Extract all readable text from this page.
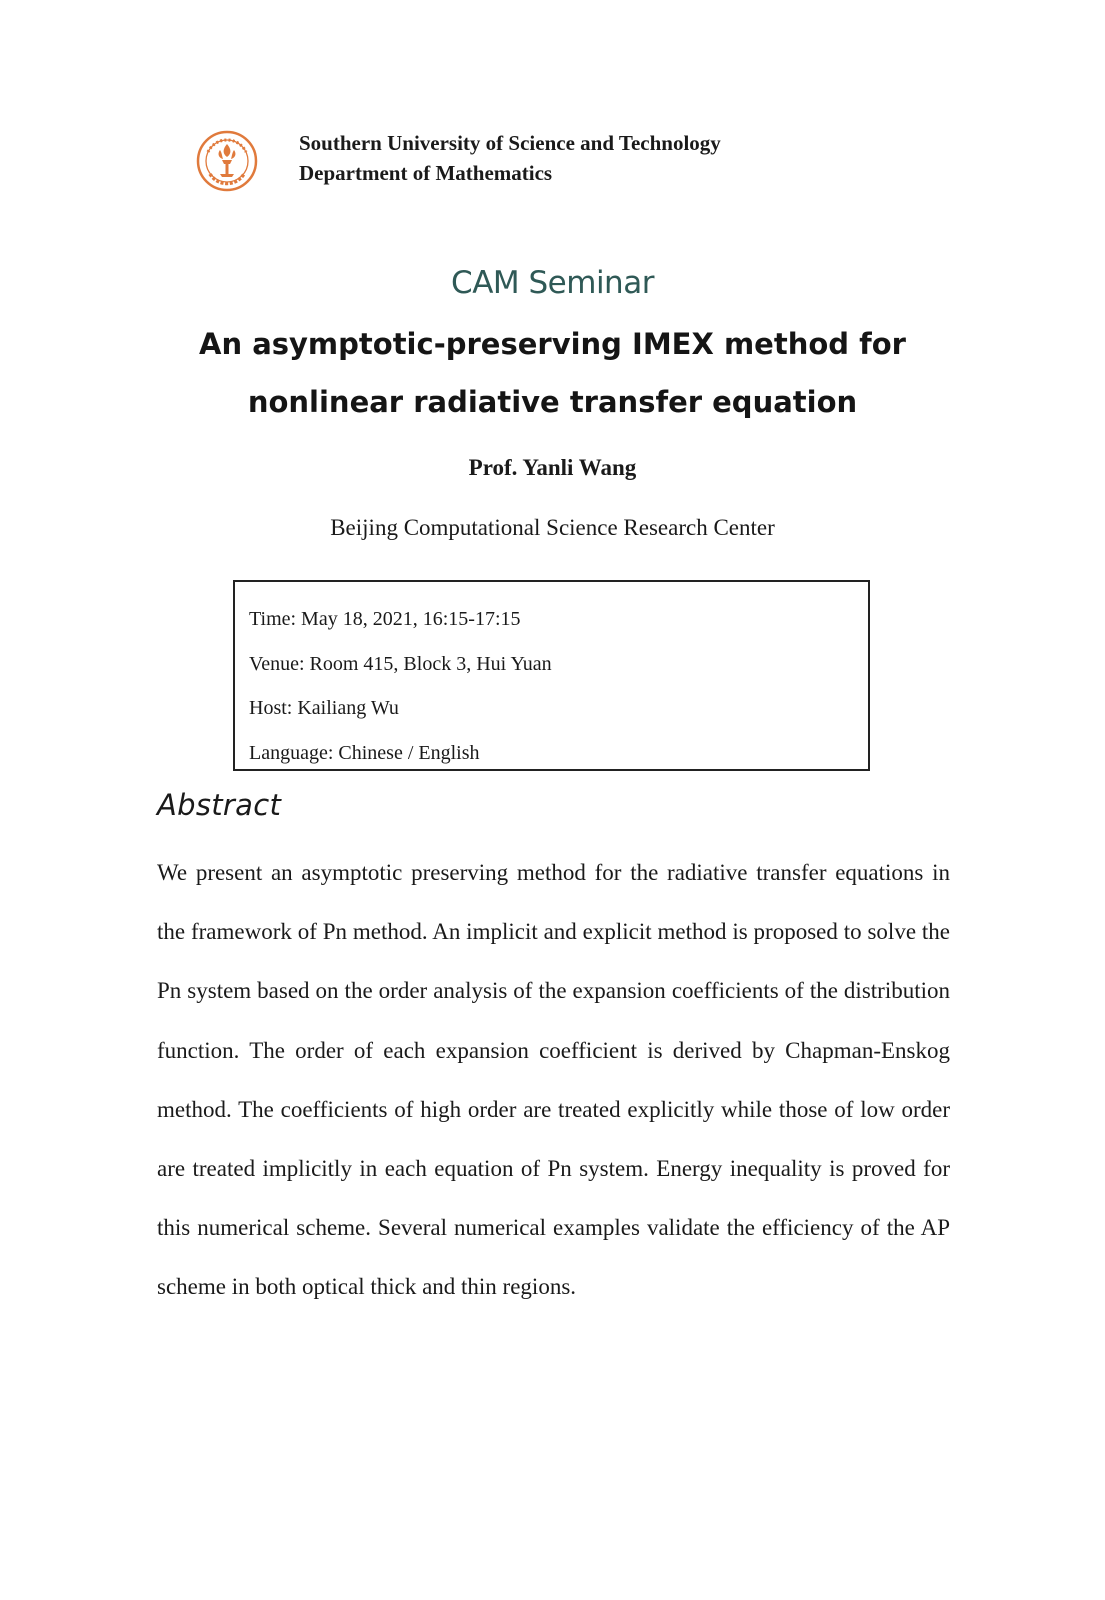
Southern University of Science and Technology
Department of Mathematics
CAM Seminar
An asymptotic-preserving IMEX method for
nonlinear radiative transfer equation
Prof. Yanli Wang
Beijing Computational Science Research Center
Time: May 18, 2021, 16:15-17:15
Venue: Room 415, Block 3, Hui Yuan
Host: Kailiang Wu
Language: Chinese / English
Abstract

We present an asymptotic preserving method for the radiative transfer equations in the framework of Pn method. An implicit and explicit method is proposed to solve the Pn system based on the order analysis of the expansion coefficients of the distribution function. The order of each expansion coefficient is derived by Chapman-Enskog method. The coefficients of high order are treated explicitly while those of low order are treated implicitly in each equation of Pn system. Energy inequality is proved for this numerical scheme. Several numerical examples validate the efficiency of the AP scheme in both optical thick and thin regions.
